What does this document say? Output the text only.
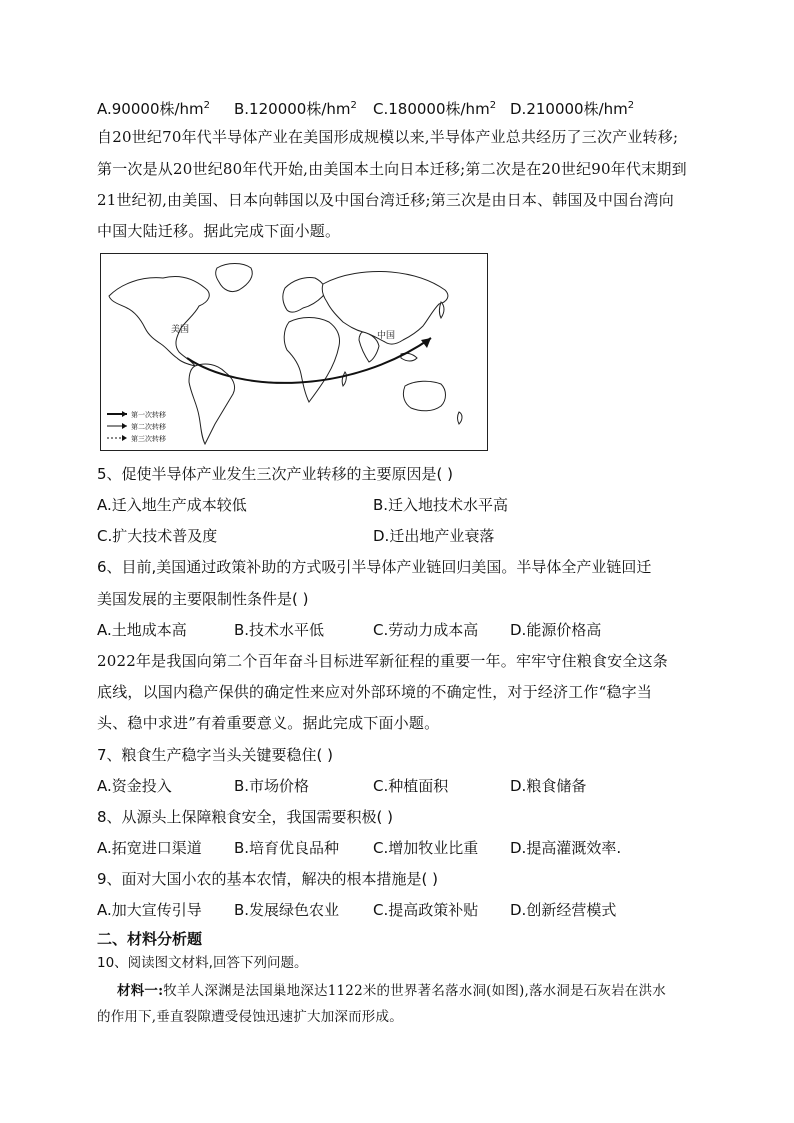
A.90000株$/hm^2$ B.120000株$/hm^2$ C.180000株$/hm^2$ D.210000株$/hm^2$
自20世纪70年代半导体产业在美国形成规模以来,半导体产业总共经历了三次产业转移;
第一次是从20世纪80年代开始,由美国本土向日本迁移;第二次是在20世纪90年代末期到
21世纪初,由美国、日本向韩国以及中国台湾迁移;第三次是由日本、韩国及中国台湾向
中国大陆迁移。据此完成下面小题。
美国
中国
第一次转移
第二次转移
第三次转移
5、促使半导体产业发生三次产业转移的主要原因是( )
A.迁入地生产成本较低	B.迁入地技术水平高
C.扩大技术普及度	D.迁出地产业衰落
6、目前,美国通过政策补助的方式吸引半导体产业链回归美国。半导体全产业链回迁
美国发展的主要限制性条件是( )
A.土地成本高	B.技术水平低	C.劳动力成本高 D.能源价格高
2022年是我国向第二个百年奋斗目标进军新征程的重要一年。牢牢守住粮食安全这条
底线，以国内稳产保供的确定性来应对外部环境的不确定性，对于经济工作“稳字当
头、稳中求进”有着重要意义。据此完成下面小题。
7、粮食生产稳字当头关键要稳住( )
A.资金投入	B.市场价格	C.种植面积	D.粮食储备
8、从源头上保障粮食安全，我国需要积极( )
A.拓宽进口渠道 B.培育优良品种 C.增加牧业比重 D.提高灌溉效率.
9、面对大国小农的基本农情，解决的根本措施是( )
A.加大宣传引导 B.发展绿色农业 C.提高政策补贴 D.创新经营模式
二、材料分析题
10、阅读图文材料,回答下列问题。
材料一:牧羊人深渊是法国巢地深达1122米的世界著名落水洞(如图),落水洞是石灰岩在洪水
的作用下,垂直裂隙遭受侵蚀迅速扩大加深而形成。
